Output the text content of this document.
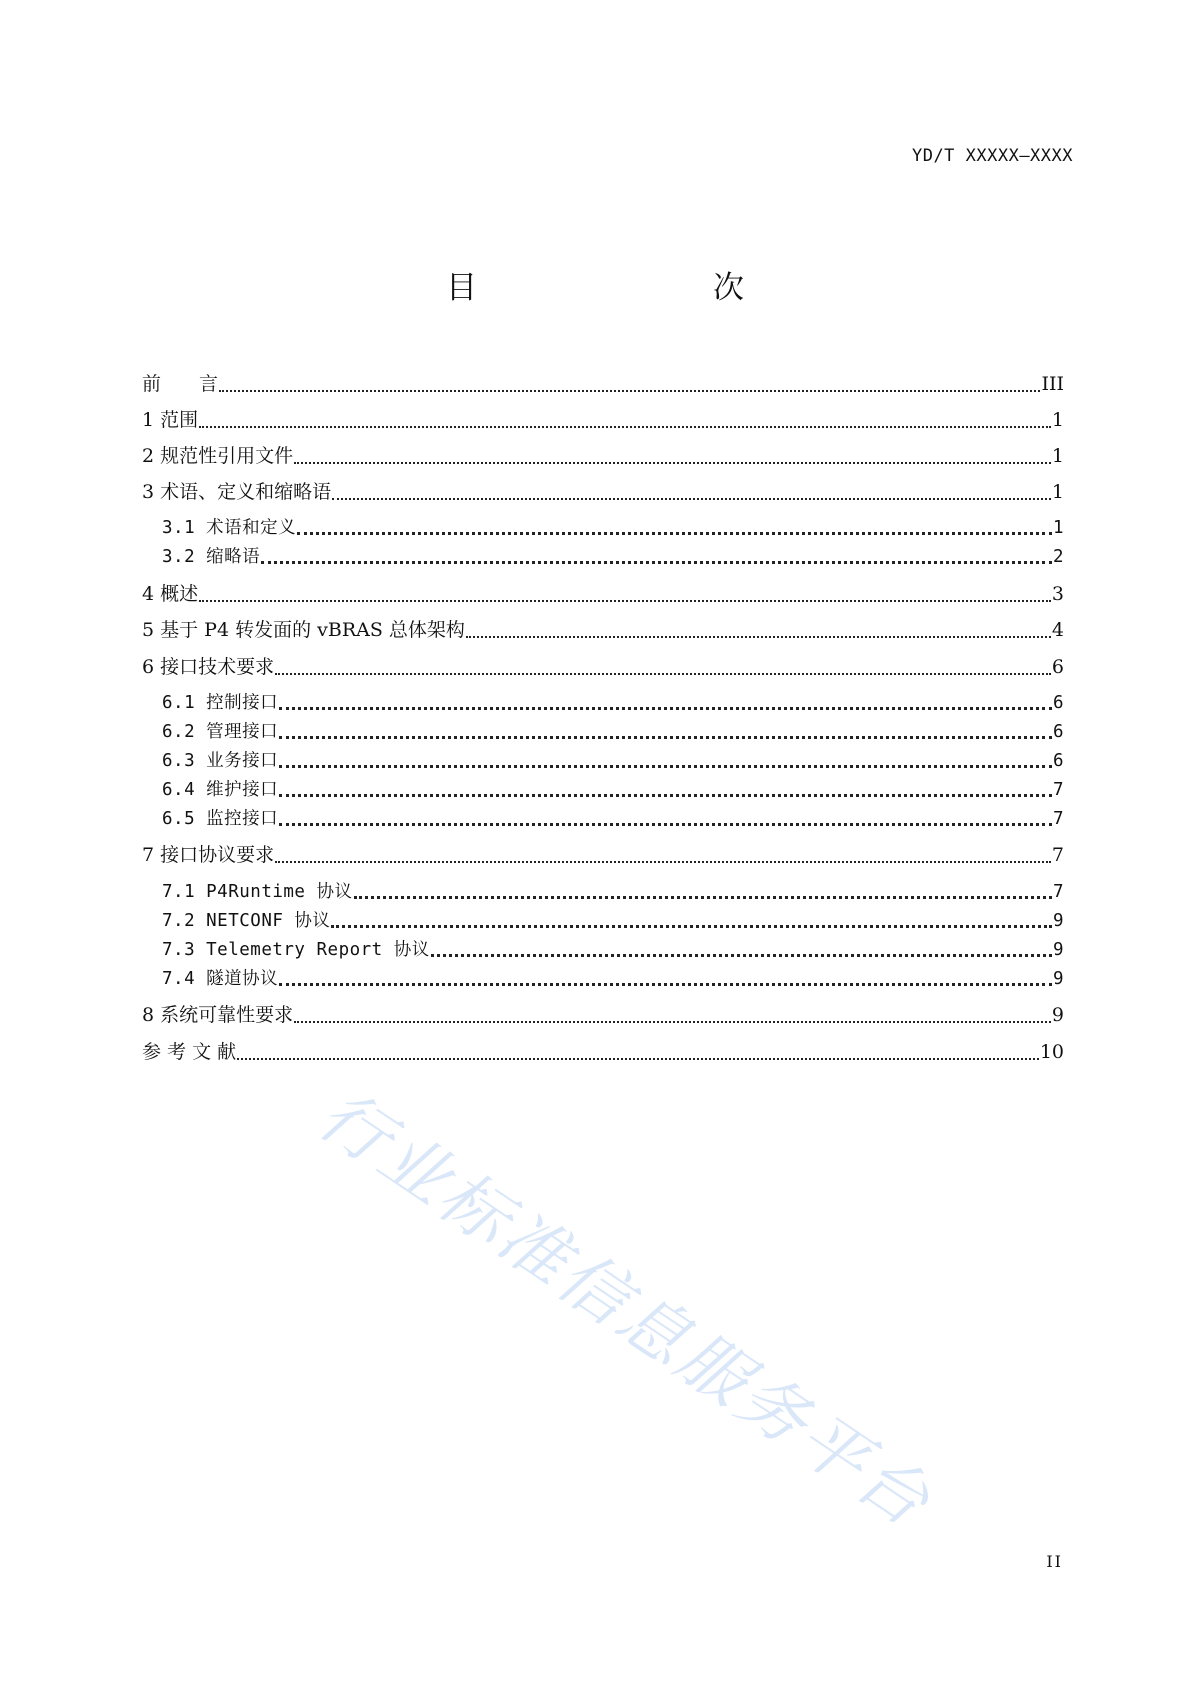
YD/T XXXXX—XXXX
目　　次
前　　言	III
1 范围	1
2 规范性引用文件	1
3 术语、定义和缩略语	1
3.1 术语和定义	1
3.2 缩略语	2
4 概述	3
5 基于 P4 转发面的 vBRAS 总体架构	4
6 接口技术要求	6
6.1 控制接口	6
6.2 管理接口	6
6.3 业务接口	6
6.4 维护接口	7
6.5 监控接口	7
7 接口协议要求	7
7.1 P4Runtime 协议	7
7.2 NETCONF 协议	9
7.3 Telemetry Report 协议	9
7.4 隧道协议	9
8 系统可靠性要求	9
参 考 文 献	10
行业标准信息服务平台
II
